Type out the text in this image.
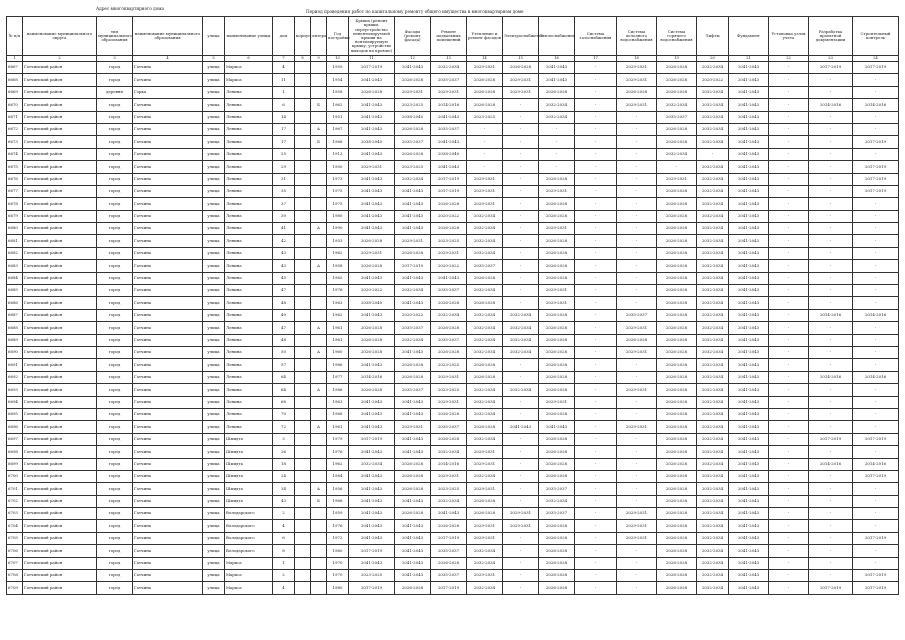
Адрес многоквартирного дома
Период проведения работ по капитальному ремонту общего имущества в многоквартирном доме
№ п/п	наименование муниципального округа	тип муниципального образования	наименование муниципального образования	улица	наименование улицы	дом	корпус	литера	Год постройки	Крыша (ремонт крыши, переустройство невентилируемой крыши на вентилируемую крышу, устройство выходов на кровлю)	Фасады (ремонт фасада)	Ремонт подвальных помещений	Утепление и ремонт фасадов	Электроснабжение	Теплоснабжение	Система газоснабжения	Система холодного водоснабжения	Система горячего водоснабжения	Лифты	Фундамент	Установка узлов учета	Разработка проектной документации	Строительный контроль
1	2	3	4	5	6	7	8	9	10	11	12	13	14	15	16	17	18	19	20	21	22	23	24
6667	Гатчинский район	город	Гатчина	улица	Маркса	4			1959	2017-2019	2041-2043	2032-2034	2029-2031	2026-2028	2041-2043	-	2029-2031	2026-2028	2032-2034	2041-2043	-	2017-2019	2017-2019
6668	Гатчинский район	город	Гатчина	улица	Маркса	11			1954	2041-2043	2026-2028	2035-2037	2026-2028	2029-2031	2041-2043	-	2029-2031	2026-2028	2020-2022	2041-2043	-	-	-
6669	Гатчинский район	деревня	Горка	улица	Ленина	1			1958	2026-2028	2029-2031	2029-2031	2026-2028	2029-2031	2026-2028	-	2026-2028	2026-2028	2032-2034	2041-2043	-	-	-
6670	Гатчинский район	город	Гатчина	улица	Ленина	6		Б	1962	2041-2043	2023-2025	2014-2016	2026-2028	-	2032-2034	-	2029-2031	2032-2034	2032-2034	2041-2043	-	2014-2016	2014-2016
6671	Гатчинский район	город	Гатчина	улица	Ленина	14			1951	2041-2043	2038-2040	2041-2043	2023-2025	-	2032-2034	-	-	2035-2037	2032-2034	2041-2043	-	-	-
6672	Гатчинский район	город	Гатчина	улица	Ленина	17		А	1967	2041-2043	2026-2028	2035-2037	-	-	-	-	-	2026-2028	2032-2034	2041-2043	-	-	-
6673	Гатчинский район	город	Гатчина	улица	Ленина	17		Б	1968	2038-2040	2035-2037	2041-2043	-	-	-	-	-	2026-2028	2032-2034	2041-2043	-	-	2017-2019
6674	Гатчинский район	город	Гатчина	улица	Ленина	25			1913	2041-2043	2026-2028	2038-2040	-	-	-	-	-	2032-2034	-	2041-2043	-	-	-
6675	Гатчинский район	город	Гатчина	улица	Ленина	29			1950	2029-2031	2023-2025	2041-2043	-	-	-	-	-	-	2032-2034	2041-2043	-	-	2017-2019
6676	Гатчинский район	город	Гатчина	улица	Ленина	31			1973	2041-2043	2032-2034	2017-2019	2029-2031	-	2026-2028	-	-	2029-2031	2032-2034	2041-2043	-	-	2017-2019
6677	Гатчинский район	город	Гатчина	улица	Ленина	35			1975	2041-2043	2041-2043	2017-2019	2029-2031	-	2029-2031	-	-	2026-2028	2032-2034	2041-2043	-	-	2017-2019
6678	Гатчинский район	город	Гатчина	улица	Ленина	37			1975	2041-2043	2041-2043	2026-2028	2029-2031	-	2026-2028	-	-	2026-2028	2032-2034	2041-2043	-	-	-
6679	Гатчинский район	город	Гатчина	улица	Ленина	39			1980	2041-2043	2041-2043	2020-2022	2032-2034	-	2026-2028	-	-	2026-2028	2032-2034	2041-2043	-	-	-
6680	Гатчинский район	город	Гатчина	улица	Ленина	41		А	1990	2041-2043	2041-2043	2026-2028	2032-2034	-	2029-2031	-	-	2026-2028	2032-2034	2041-2043	-	-	-
6681	Гатчинский район	город	Гатчина	улица	Ленина	42			1953	2026-2028	2029-2031	2023-2025	2032-2034	-	2026-2028	-	-	2026-2028	2032-2034	2041-2043	-	-	-
6682	Гатчинский район	город	Гатчина	улица	Ленина	43			1962	2029-2031	2026-2028	2029-2031	2032-2034	-	2026-2028	-	-	2026-2028	2032-2034	2041-2043	-	-	-
6683	Гатчинский район	город	Гатчина	улица	Ленина	43		А	1958	2026-2028	2017-2019	2020-2022	2035-2037	-	2026-2028	-	-	2026-2028	2032-2034	2041-2043	-	-	-
6684	Гатчинский район	город	Гатчина	улица	Ленина	45			1965	2041-2043	2041-2043	2041-2043	2026-2028	-	2026-2028	-	-	2026-2028	2032-2034	2041-2043	-	-	-
6685	Гатчинский район	город	Гатчина	улица	Ленина	47			1976	2020-2022	2032-2034	2035-2037	2032-2034	-	2029-2031	-	-	2026-2028	2032-2034	2041-2043	-	-	-
6686	Гатчинский район	город	Гатчина	улица	Ленина	48			1963	2038-2040	2041-2043	2026-2028	2026-2028	-	2029-2031	-	-	2026-2028	2032-2034	2041-2043	-	-	-
6687	Гатчинский район	город	Гатчина	улица	Ленина	49			1962	2041-2043	2020-2022	2032-2034	2032-2034	2032-2034	2026-2028	-	2035-2037	2026-2028	2032-2034	2041-2043	-	2014-2016	2014-2016
6688	Гатчинский район	город	Гатчина	улица	Ленина	47		А	1961	2026-2028	2035-2037	2026-2028	2032-2034	2032-2034	2026-2028	-	2029-2031	2026-2028	2032-2034	2041-2043	-	-	-
6689	Гатчинский район	город	Гатчина	улица	Ленина	48			1961	2026-2028	2032-2034	2035-2037	2032-2034	2032-2034	2026-2028	-	2026-2028	2026-2028	2032-2034	2041-2043	-	-	-
6690	Гатчинский район	город	Гатчина	улица	Ленина	50		А	1960	2026-2028	2041-2043	2026-2028	2032-2034	2032-2034	2026-2028	-	2029-2031	2026-2028	2032-2034	2041-2043	-	-	-
6691	Гатчинский район	город	Гатчина	улица	Ленина	57			1986	2041-2043	2026-2028	2023-2025	2026-2028	-	2026-2028	-	-	2026-2028	2032-2034	2041-2043	-	-	-
6692	Гатчинский район	город	Гатчина	улица	Ленина	64			1977	2014-2016	2026-2028	2029-2031	2026-2028	-	2026-2028	-	-	2026-2028	2032-2034	2041-2043	-	2014-2016	2014-2016
6693	Гатчинский район	город	Гатчина	улица	Ленина	64		А	1986	2026-2028	2035-2037	2023-2025	2032-2034	2032-2034	2026-2028	-	2029-2031	2026-2028	2032-2034	2041-2043	-	-	-
6694	Гатчинский район	город	Гатчина	улица	Ленина	68			1963	2041-2043	2041-2043	2029-2031	2032-2034	-	2029-2031	-	-	2026-2028	2032-2034	2041-2043	-	-	-
6695	Гатчинский район	город	Гатчина	улица	Ленина	70			1968	2041-2043	2041-2043	2026-2028	2032-2034	-	2026-2028	-	-	2026-2028	2032-2034	2041-2043	-	-	-
6696	Гатчинский район	город	Гатчина	улица	Ленина	72		А	1961	2041-2043	2029-2031	2035-2037	2026-2028	2041-2043	2041-2043	-	2029-2031	2026-2028	2032-2034	2041-2043	-	-	-
6697	Гатчинский район	город	Гатчина	улица	Шмидта	3			1979	2017-2019	2041-2043	2026-2028	2032-2034	-	2026-2028	-	-	2026-2028	2032-2034	2041-2043	-	2017-2019	2017-2019
6698	Гатчинский район	город	Гатчина	улица	Шмидта	26			1976	2041-2043	2041-2043	2032-2034	2029-2031	-	2026-2028	-	-	2026-2028	2032-2034	2041-2043	-	-	-
6699	Гатчинский район	город	Гатчина	улица	Шмидта	18			1962	2032-2034	2026-2028	2014-2016	2029-2031	-	2026-2028	-	-	2026-2028	2032-2034	2041-2043	-	2014-2016	2014-2016
6700	Гатчинский район	город	Гатчина	улица	Шмидта	24			1984	2041-2043	2026-2028	2029-2031	2032-2034	-	2026-2028	-	-	2026-2028	2032-2034	2041-2043	-	-	2017-2019
6701	Гатчинский район	город	Гатчина	улица	Шмидта	34		А	1956	2041-2043	2026-2028	2023-2025	2029-2031	-	2035-2037	-	-	2026-2028	2032-2034	2041-2043	-	-	-
6702	Гатчинский район	город	Гатчина	улица	Шмидта	43		Б	1968	2041-2043	2041-2043	2032-2034	2026-2028	-	2032-2034	-	-	2026-2028	2032-2034	2041-2043	-	-	-
6703	Гатчинский район	город	Гатчина	улица	Володарского	2			1959	2041-2043	2026-2028	2041-2043	2026-2028	2029-2031	2035-2037	-	2029-2031	2026-2028	2032-2034	2041-2043	-	-	-
6704	Гатчинский район	город	Гатчина	улица	Володарского	4			1976	2041-2043	2041-2043	2026-2028	2029-2031	2029-2031	2026-2028	-	2029-2031	2026-2028	2032-2034	2041-2043	-	-	-
6705	Гатчинский район	город	Гатчина	улица	Володарского	6			1972	2041-2043	2041-2043	2017-2019	2029-2031	-	2026-2028	-	2029-2031	2026-2028	2032-2034	2041-2043	-	-	2017-2019
6706	Гатчинский район	город	Гатчина	улица	Володарского	8			1960	2017-2019	2041-2043	2035-2037	2032-2034	-	2026-2028	-	-	2026-2028	2032-2034	2041-2043	-	-	-
6707	Гатчинский район	город	Гатчина	улица	Маркса	1			1970	2041-2043	2041-2043	2026-2028	2032-2034	-	2026-2028	-	-	2026-2028	2032-2034	2041-2043	-	-	-
6708	Гатчинский район	город	Гатчина	улица	Маркса	2			1970	2023-2025	2041-2043	2035-2037	2029-2031	-	2026-2028	-	-	2026-2028	2032-2034	2041-2043	-	-	2017-2019
6709	Гатчинский район	город	Гатчина	улица	Маркса	4			1980	2017-2019	2026-2028	2017-2019	2032-2034	-	2026-2028	-	-	2026-2028	2032-2034	2041-2043	-	2017-2019	2017-2019
